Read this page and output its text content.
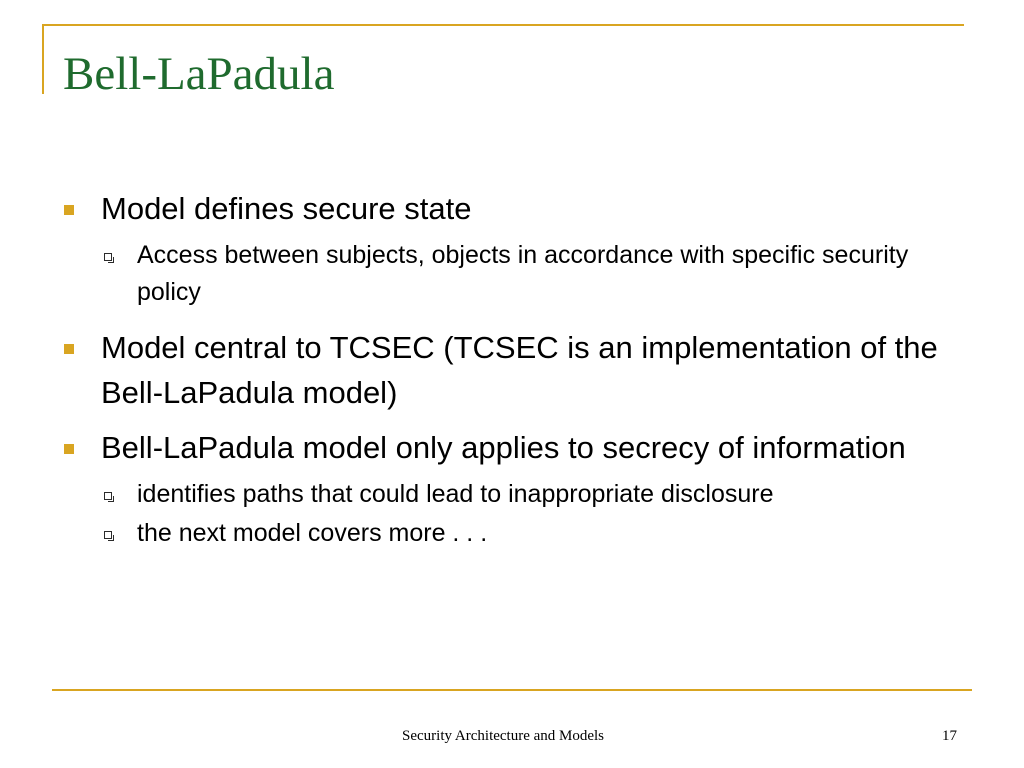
Bell-LaPadula
Model defines secure state
Access between subjects, objects in accordance with specific security policy
Model central to TCSEC (TCSEC is an implementation of the Bell-LaPadula model)
Bell-LaPadula model only applies to secrecy of information
identifies paths that could lead to inappropriate disclosure
the next model covers more . . .
Security Architecture and Models	17
